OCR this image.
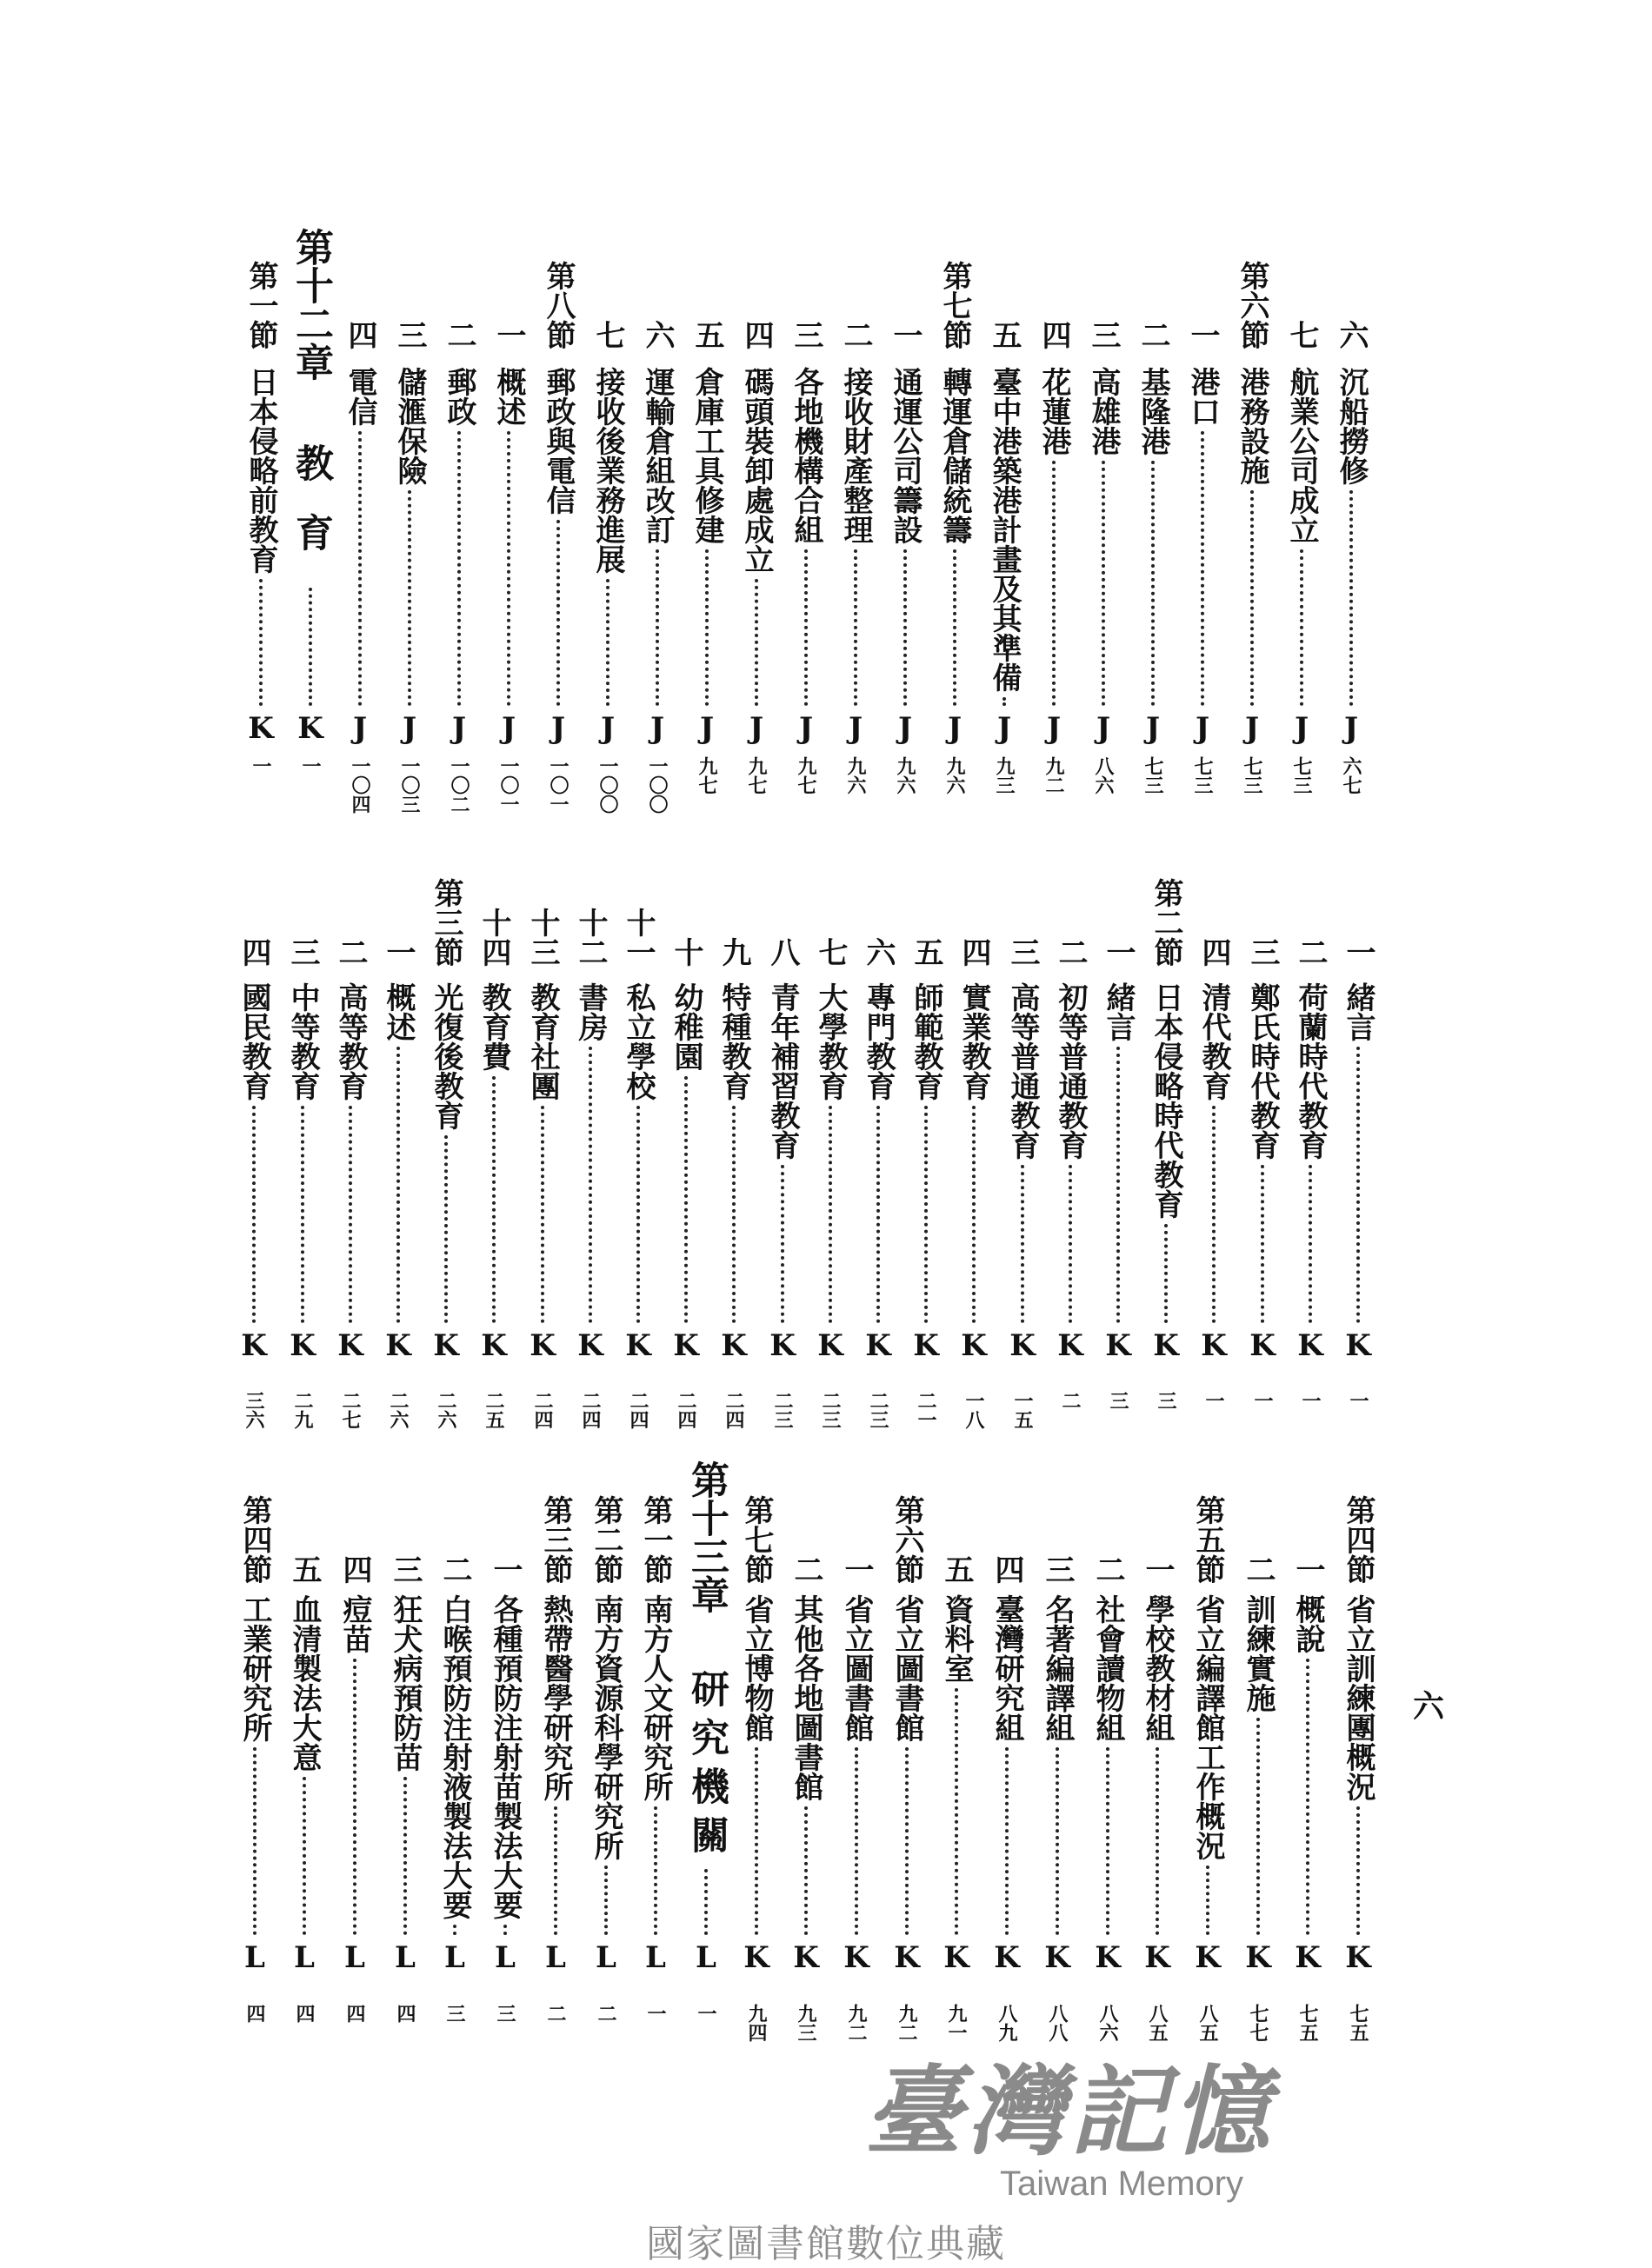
六
沉船撈修
J
六七
七
航業公司成立
J
七三
第六節
港務設施
J
七三
一
港口
J
七三
二
基隆港
J
七三
三
高雄港
J
八六
四
花蓮港
J
九二
五
臺中港築港計畫及其準備
J
九三
第七節
轉運倉儲統籌
J
九六
一
通運公司籌設
J
九六
二
接收財產整理
J
九六
三
各地機構合組
J
九七
四
碼頭裝卸處成立
J
九七
五
倉庫工具修建
J
九七
六
運輸倉組改訂
J
一〇〇
七
接收後業務進展
J
一〇〇
第八節
郵政與電信
J
一〇一
一
概述
J
一〇一
二
郵政
J
一〇二
三
儲滙保險
J
一〇三
四
電信
J
一〇四
第十二章
教育
K
一
第一節
日本侵略前教育
K
一
一
緒言
K
一
二
荷蘭時代教育
K
一
三
鄭氏時代教育
K
一
四
清代教育
K
一
第二節
日本侵略時代教育
K
三
一
緒言
K
三
二
初等普通教育
K
二
三
高等普通教育
K
一五
四
實業教育
K
一八
五
師範教育
K
二一
六
專門教育
K
二三
七
大學教育
K
二三
八
青年補習教育
K
二三
九
特種教育
K
二四
十
幼稚園
K
二四
十一
私立學校
K
二四
十二
書房
K
二四
十三
教育社團
K
二四
十四
教育費
K
二五
第三節
光復後教育
K
二六
一
概述
K
二六
二
高等教育
K
二七
三
中等教育
K
二九
四
國民教育
K
三六
第四節
省立訓練團概況
K
七五
一
概說
K
七五
二
訓練實施
K
七七
第五節
省立編譯館工作概況
K
八五
一
學校教材組
K
八五
二
社會讀物組
K
八六
三
名著編譯組
K
八八
四
臺灣研究組
K
八九
五
資料室
K
九一
第六節
省立圖書館
K
九二
一
省立圖書館
K
九二
二
其他各地圖書館
K
九三
第七節
省立博物館
K
九四
第十三章
研究機關
L
一
第一節
南方人文研究所
L
一
第二節
南方資源科學研究所
L
二
第三節
熱帶醫學研究所
L
二
一
各種預防注射苗製法大要
L
三
二
白喉預防注射液製法大要
L
三
三
狂犬病預防苗
L
四
四
痘苗
L
四
五
血清製法大意
L
四
第四節
工業研究所
L
四
六
臺灣記憶
Taiwan Memory
國家圖書館數位典藏
